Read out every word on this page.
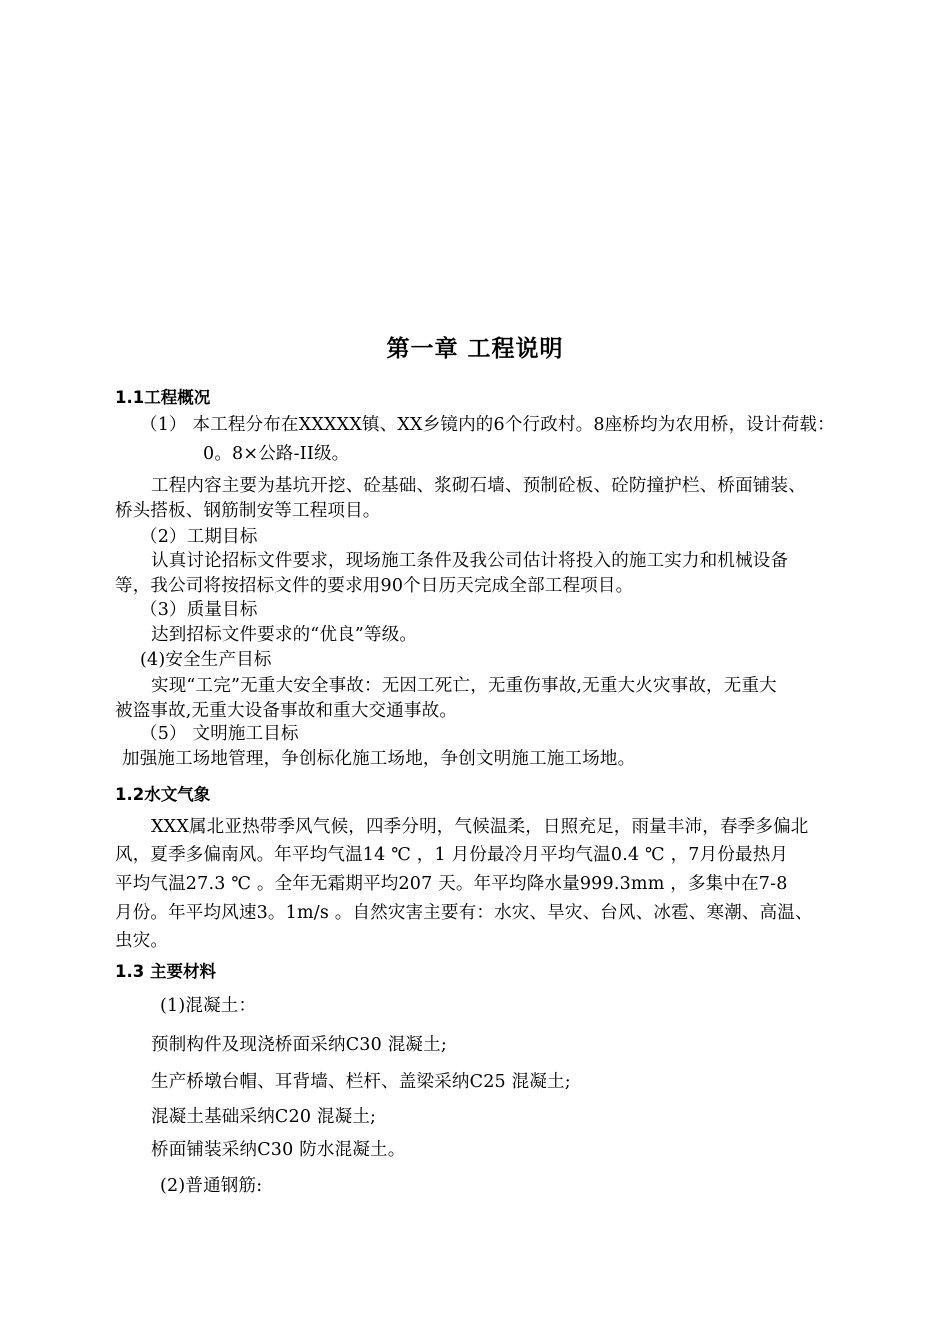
第一章 工程说明
1.1工程概况
（1） 本工程分布在XXXXX镇、XX乡镜内的6个行政村。8座桥均为农用桥，设计荷载：
0。8×公路-II级。
工程内容主要为基坑开挖、砼基础、浆砌石墙、预制砼板、砼防撞护栏、桥面铺装、
桥头搭板、钢筋制安等工程项目。
（2）工期目标
认真讨论招标文件要求，现场施工条件及我公司估计将投入的施工实力和机械设备
等，我公司将按招标文件的要求用90个日历天完成全部工程项目。
（3）质量目标
达到招标文件要求的“优良”等级。
(4)安全生产目标
实现“工完”无重大安全事故：无因工死亡，无重伤事故,无重大火灾事故，无重大
被盗事故,无重大设备事故和重大交通事故。
（5） 文明施工目标
加强施工场地管理，争创标化施工场地，争创文明施工施工场地。
1.2水文气象
XXX属北亚热带季风气候，四季分明，气候温柔，日照充足，雨量丰沛，春季多偏北
风，夏季多偏南风。年平均气温14 ℃ ，1 月份最冷月平均气温0.4 ℃ ，7月份最热月
平均气温27.3 ℃ 。全年无霜期平均207 天。年平均降水量999.3mm ，多集中在7-8
月份。年平均风速3。1m/s 。自然灾害主要有：水灾、旱灾、台风、冰雹、寒潮、高温、
虫灾。
1.3 主要材料
(1)混凝土：
预制构件及现浇桥面采纳C30 混凝土;
生产桥墩台帽、耳背墙、栏杆、盖梁采纳C25 混凝土;
混凝土基础采纳C20 混凝土;
桥面铺装采纳C30 防水混凝土。
(2)普通钢筋:
